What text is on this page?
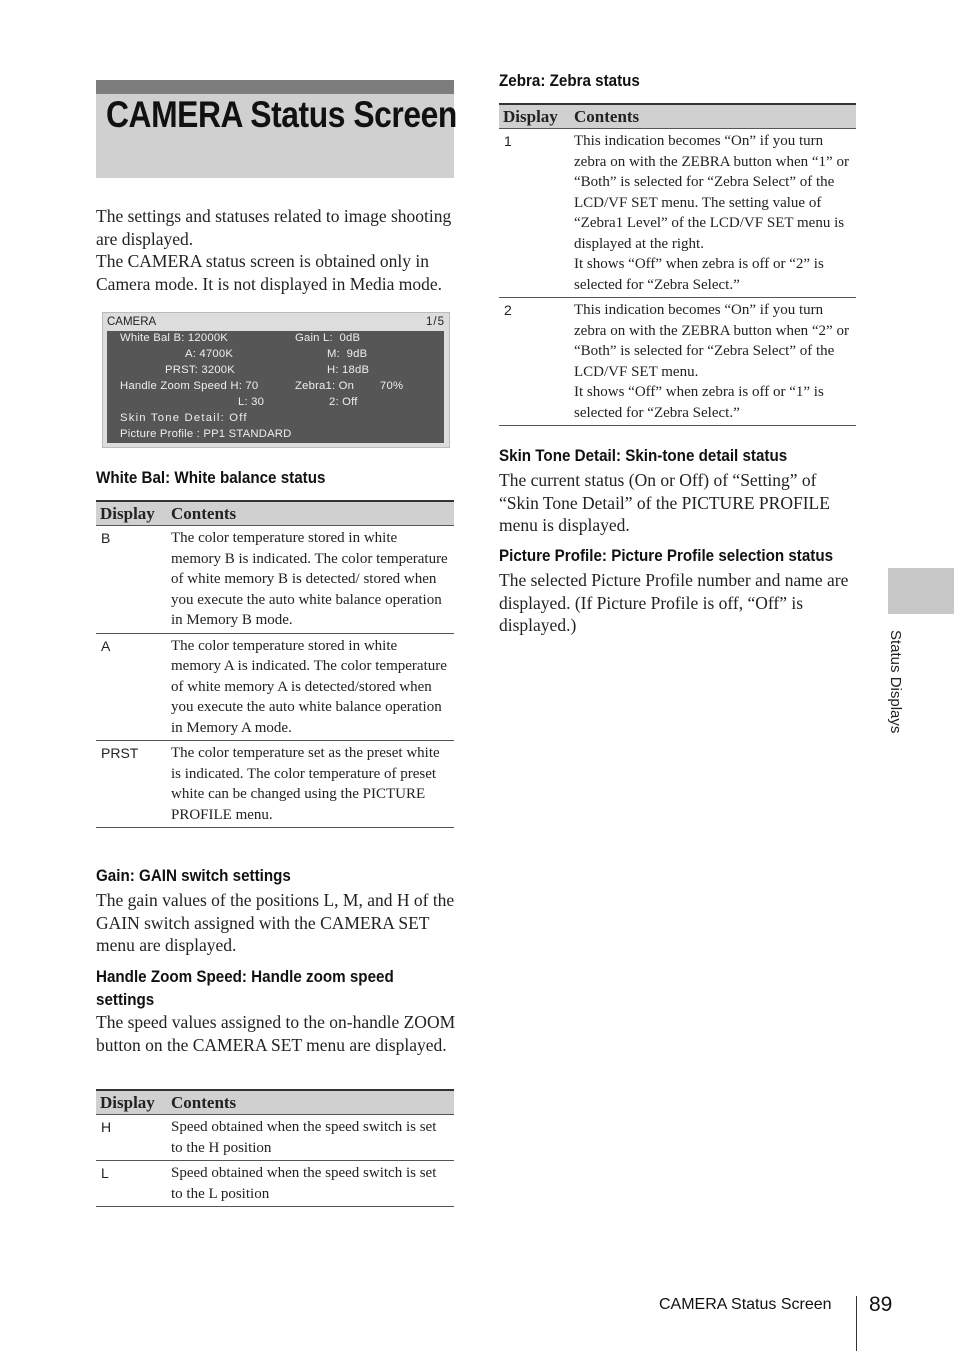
CAMERA Status Screen
The settings and statuses related to image shooting are displayed.
The CAMERA status screen is obtained only in Camera mode. It is not displayed in Media mode.
CAMERA	1/5
White Bal B: 12000K
A: 4700K
PRST: 3200K
Handle Zoom Speed H: 70
L: 30
Skin Tone Detail: Off
Picture Profile : PP1 STANDARD
Gain L:  0dB
M:  9dB
H: 18dB
Zebra1: On 70%
2: Off
White Bal: White balance status
Display	Contents
B	The color temperature stored in white memory B is indicated. The color temperature of white memory B is detected/ stored when you execute the auto white balance operation in Memory B mode.
A	The color temperature stored in white memory A is indicated. The color temperature of white memory A is detected/stored when you execute the auto white balance operation in Memory A mode.
PRST	The color temperature set as the preset white is indicated. The color temperature of preset white can be changed using the PICTURE PROFILE menu.
Gain: GAIN switch settings
The gain values of the positions L, M, and H of the GAIN switch assigned with the CAMERA SET menu are displayed.
Handle Zoom Speed: Handle zoom speed settings
The speed values assigned to the on-handle ZOOM button on the CAMERA SET menu are displayed.
Display	Contents
H	Speed obtained when the speed switch is set to the H position
L	Speed obtained when the speed switch is set to the L position
Zebra: Zebra status
Display	Contents
1	This indication becomes “On” if you turn zebra on with the ZEBRA button when “1” or “Both” is selected for “Zebra Select” of the LCD/VF SET menu. The setting value of “Zebra1 Level” of the LCD/VF SET menu is displayed at the right.
It shows “Off” when zebra is off or “2” is selected for “Zebra Select.”

2	This indication becomes “On” if you turn zebra on with the ZEBRA button when “2” or “Both” is selected for “Zebra Select” of the LCD/VF SET menu.
It shows “Off” when zebra is off or “1” is selected for “Zebra Select.”
Skin Tone Detail: Skin-tone detail status
The current status (On or Off) of “Setting” of “Skin Tone Detail” of the PICTURE PROFILE menu is displayed.
Picture Profile: Picture Profile selection status
The selected Picture Profile number and name are displayed. (If Picture Profile is off, “Off” is displayed.)
Status Displays
CAMERA Status Screen 89
